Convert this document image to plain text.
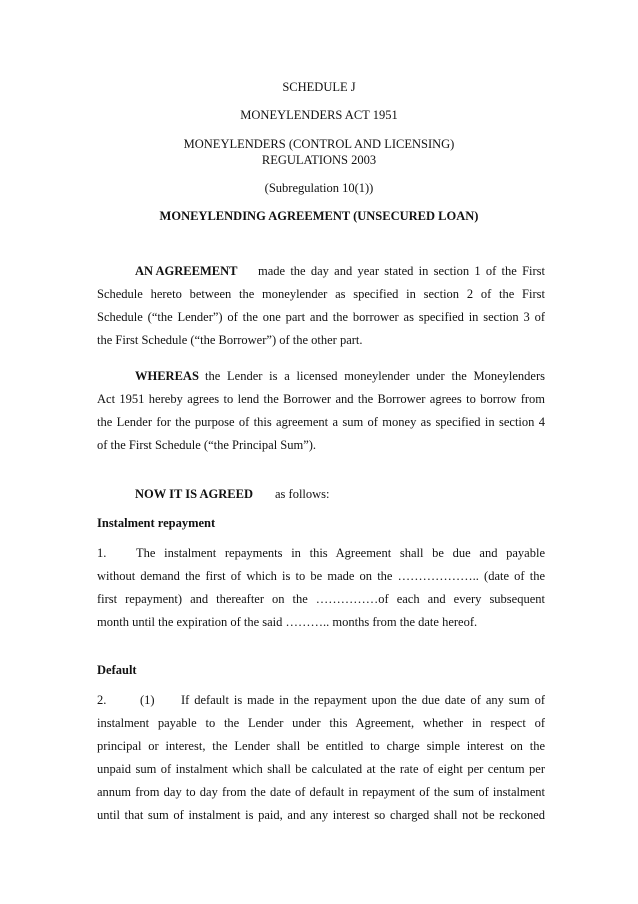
SCHEDULE J
MONEYLENDERS ACT 1951
MONEYLENDERS (CONTROL AND LICENSING)
REGULATIONS 2003
(Subregulation 10(1))
MONEYLENDING AGREEMENT (UNSECURED LOAN)
AN AGREEMENT made the day and year stated in section 1 of the First
Schedule hereto between the moneylender as specified in section 2 of the First
Schedule (“the Lender”) of the one part and the borrower as specified in section 3 of
the First Schedule (“the Borrower”) of the other part.
WHEREAS the Lender is a licensed moneylender under the Moneylenders
Act 1951 hereby agrees to lend the Borrower and the Borrower agrees to borrow from
the Lender for the purpose of this agreement a sum of money as specified in section 4
of the First Schedule (“the Principal Sum”).
NOW IT IS AGREED as follows:
Instalment repayment
1. The instalment repayments in this Agreement shall be due and payable
without demand the first of which is to be made on the ……………….. (date of the
first repayment) and thereafter on the ……………of each and every subsequent
month until the expiration of the said ……….. months from the date hereof.
Default
2.	(1) If default is made in the repayment upon the due date of any sum of
instalment payable to the Lender under this Agreement, whether in respect of
principal or interest, the Lender shall be entitled to charge simple interest on the
unpaid sum of instalment which shall be calculated at the rate of eight per centum per
annum from day to day from the date of default in repayment of the sum of instalment
until that sum of instalment is paid, and any interest so charged shall not be reckoned
